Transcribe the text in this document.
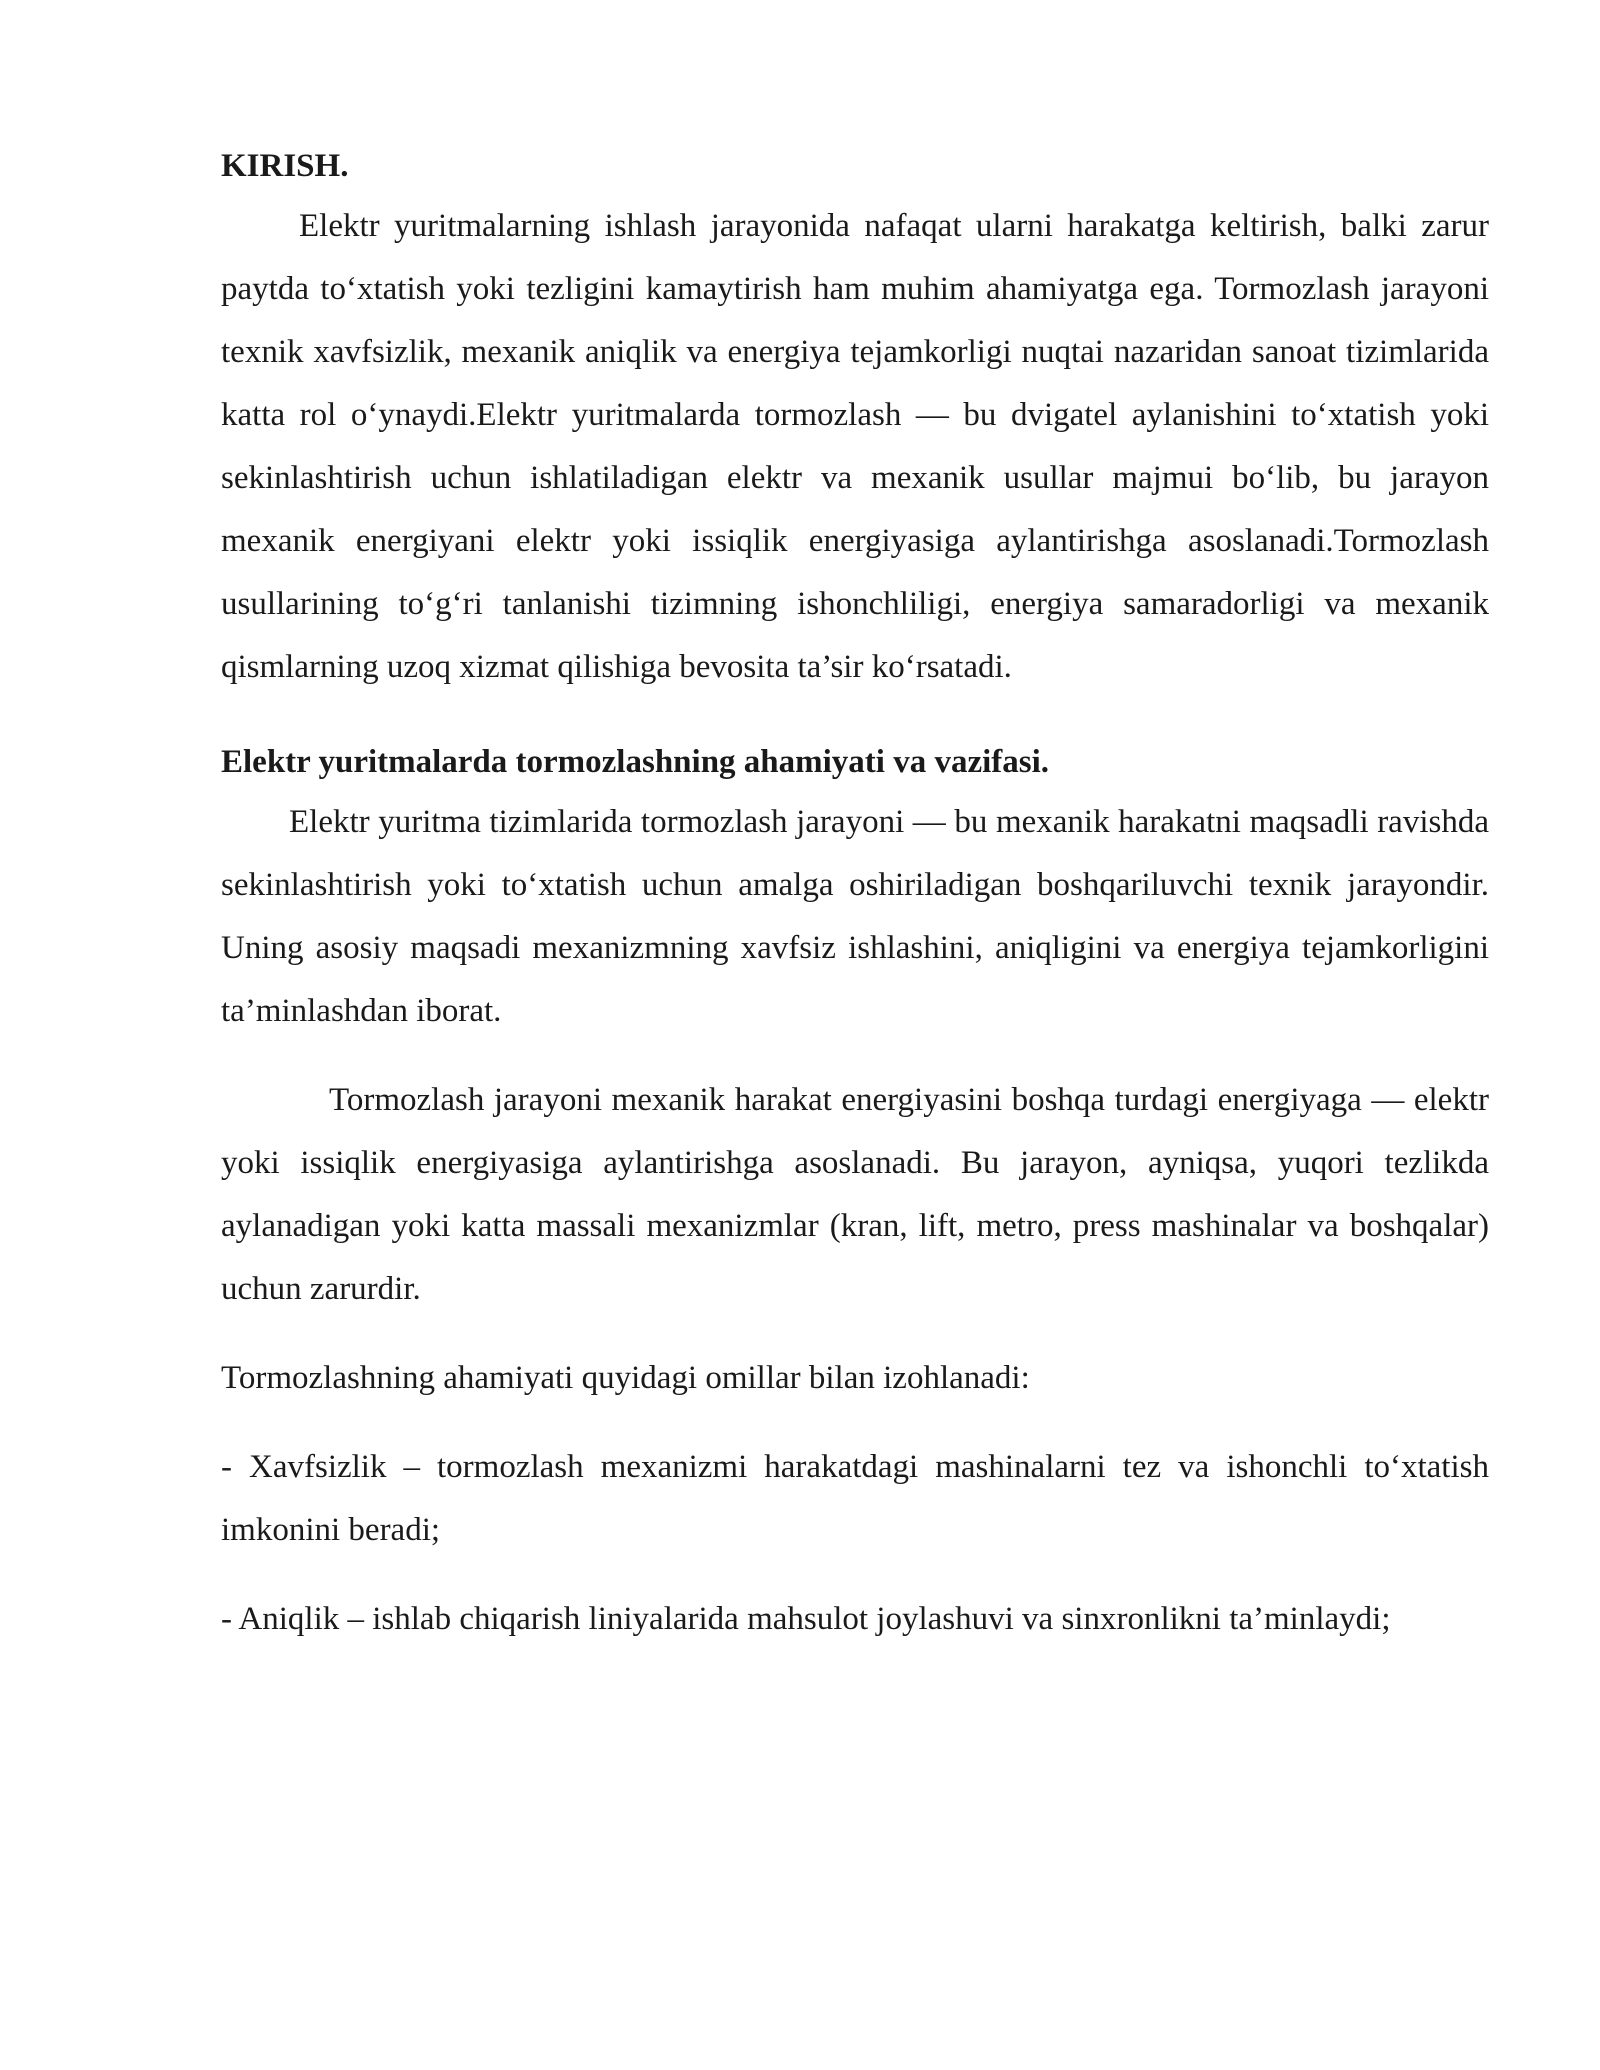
KIRISH.

Elektr yuritmalarning ishlash jarayonida nafaqat ularni harakatga keltirish, balki zarur paytda to‘xtatish yoki tezligini kamaytirish ham muhim ahamiyatga ega. Tormozlash jarayoni texnik xavfsizlik, mexanik aniqlik va energiya tejamkorligi nuqtai nazaridan sanoat tizimlarida katta rol o‘ynaydi.Elektr yuritmalarda tormozlash — bu dvigatel aylanishini to‘xtatish yoki sekinlashtirish uchun ishlatiladigan elektr va mexanik usullar majmui bo‘lib, bu jarayon mexanik energiyani elektr yoki issiqlik energiyasiga aylantirishga asoslanadi.Tormozlash usullarining to‘g‘ri tanlanishi tizimning ishonchliligi, energiya samaradorligi va mexanik qismlarning uzoq xizmat qilishiga bevosita ta’sir ko‘rsatadi.

Elektr yuritmalarda tormozlashning ahamiyati va vazifasi.

Elektr yuritma tizimlarida tormozlash jarayoni — bu mexanik harakatni maqsadli ravishda sekinlashtirish yoki to‘xtatish uchun amalga oshiriladigan boshqariluvchi texnik jarayondir. Uning asosiy maqsadi mexanizmning xavfsiz ishlashini, aniqligini va energiya tejamkorligini ta’minlashdan iborat.

Tormozlash jarayoni mexanik harakat energiyasini boshqa turdagi energiyaga — elektr yoki issiqlik energiyasiga aylantirishga asoslanadi. Bu jarayon, ayniqsa, yuqori tezlikda aylanadigan yoki katta massali mexanizmlar (kran, lift, metro, press mashinalar va boshqalar) uchun zarurdir.

Tormozlashning ahamiyati quyidagi omillar bilan izohlanadi:

- Xavfsizlik – tormozlash mexanizmi harakatdagi mashinalarni tez va ishonchli to‘xtatish imkonini beradi;

- Aniqlik – ishlab chiqarish liniyalarida mahsulot joylashuvi va sinxronlikni ta’minlaydi;
